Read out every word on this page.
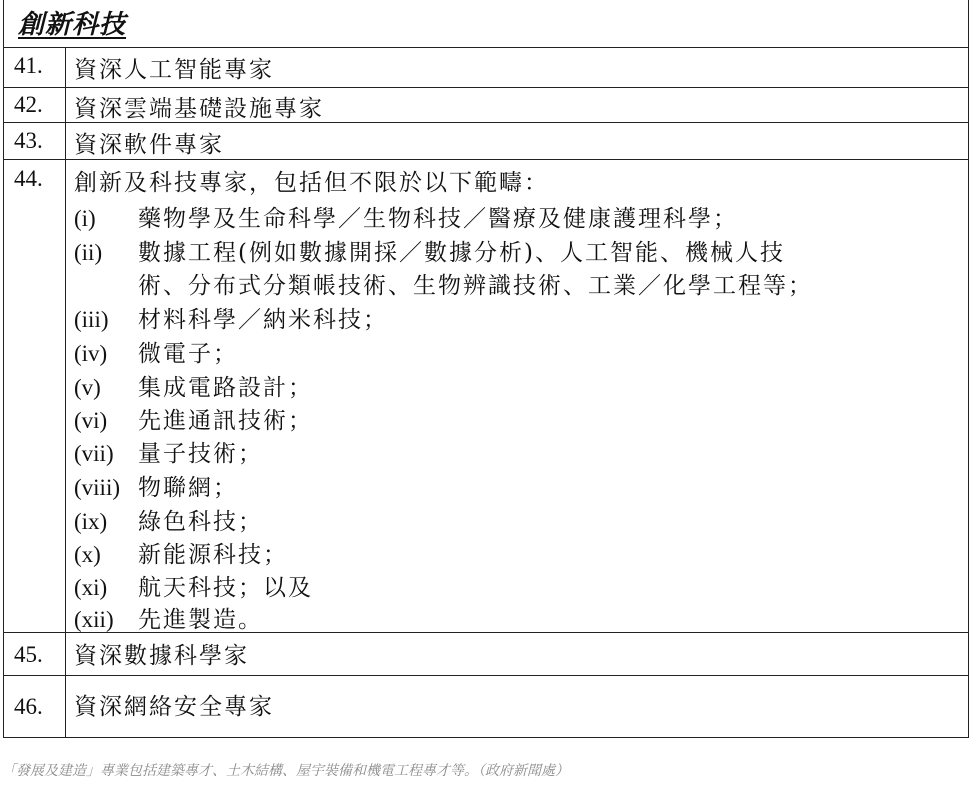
創新科技
41. 資深人工智能專家
42. 資深雲端基礎設施專家
43. 資深軟件專家
44. 創新及科技專家，包括但不限於以下範疇：
(i) 藥物學及生命科學／生物科技／醫療及健康護理科學；
(ii) 數據工程(例如數據開採／數據分析)、人工智能、機械人技
術、分布式分類帳技術、生物辨識技術、工業／化學工程等；
(iii) 材料科學／納米科技；
(iv) 微電子；
(v) 集成電路設計；
(vi) 先進通訊技術；
(vii) 量子技術；
(viii) 物聯網；
(ix) 綠色科技；
(x) 新能源科技；
(xi) 航天科技；以及
(xii) 先進製造。
45. 資深數據科學家
46. 資深網絡安全專家
「發展及建造」專業包括建築專才、土木結構、屋宇裝備和機電工程專才等。（政府新聞處）
